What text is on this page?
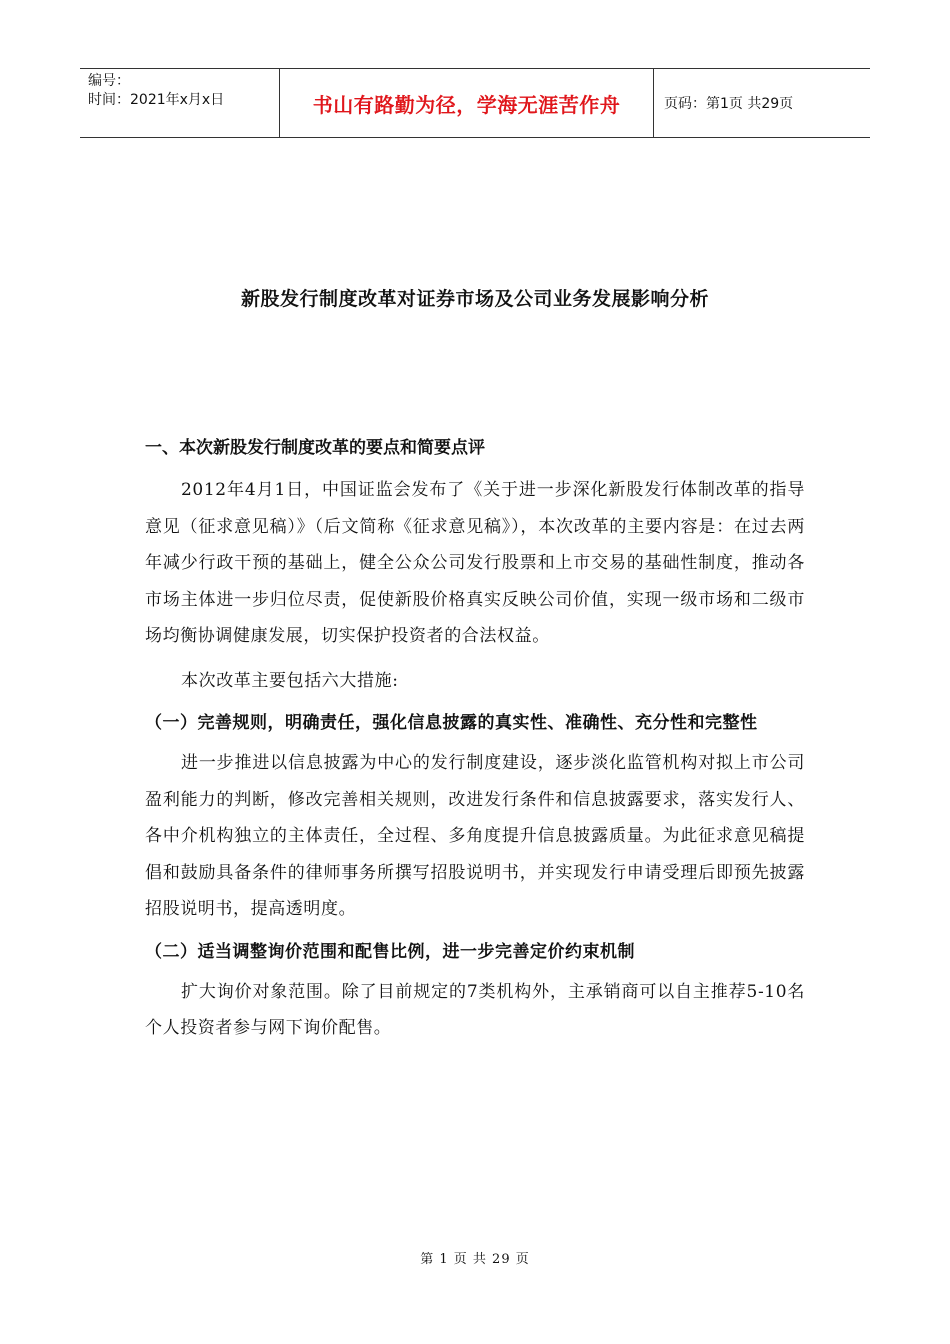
编号：
时间：2021年x月x日	书山有路勤为径，学海无涯苦作舟	页码：第1页 共29页
新股发行制度改革对证券市场及公司业务发展影响分析
一、本次新股发行制度改革的要点和简要点评

2012年4月1日，中国证监会发布了《关于进一步深化新股发行体制改革的指导意见（征求意见稿）》（后文简称《征求意见稿》），本次改革的主要内容是：在过去两年减少行政干预的基础上，健全公众公司发行股票和上市交易的基础性制度，推动各市场主体进一步归位尽责，促使新股价格真实反映公司价值，实现一级市场和二级市场均衡协调健康发展，切实保护投资者的合法权益。

本次改革主要包括六大措施:

（一）完善规则，明确责任，强化信息披露的真实性、准确性、充分性和完整性

进一步推进以信息披露为中心的发行制度建设，逐步淡化监管机构对拟上市公司盈利能力的判断，修改完善相关规则，改进发行条件和信息披露要求，落实发行人、各中介机构独立的主体责任，全过程、多角度提升信息披露质量。为此征求意见稿提倡和鼓励具备条件的律师事务所撰写招股说明书，并实现发行申请受理后即预先披露招股说明书，提高透明度。

（二）适当调整询价范围和配售比例，进一步完善定价约束机制

扩大询价对象范围。除了目前规定的7类机构外，主承销商可以自主推荐5-10名个人投资者参与网下询价配售。

第 1 页 共 29 页
